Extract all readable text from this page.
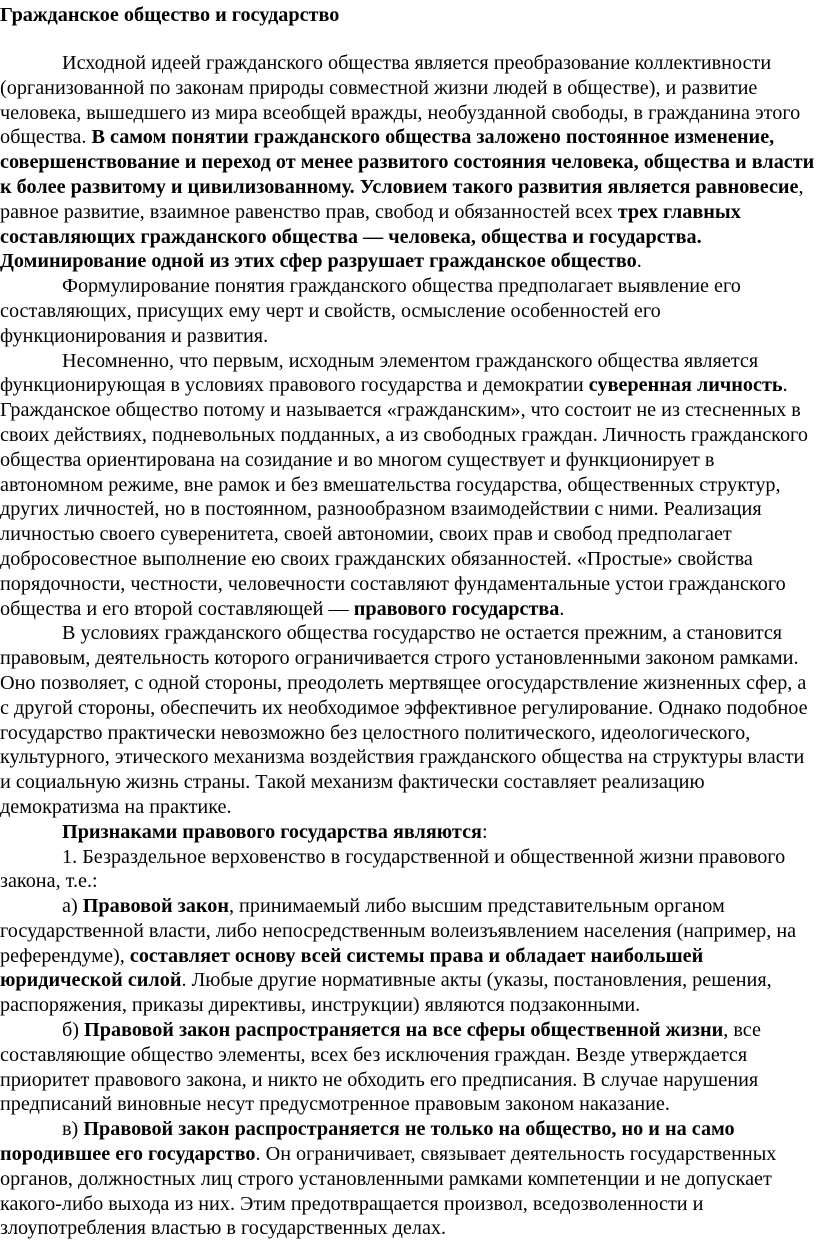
Гражданское общество и государство

Исходной идеей гражданского общества является преобразование коллективности (организованной по законам природы совместной жизни людей в обществе), и развитие человека, вышедшего из мира всеобщей вражды, необузданной свободы, в гражданина этого общества. В самом понятии гражданского общества заложено постоянное изменение, совершенствование и переход от менее развитого состояния человека, общества и власти к более развитому и цивилизованному. Условием такого развития является равновесие, равное развитие, взаимное равенство прав, свобод и обязанностей всех трех главных составляющих гражданского общества — человека, общества и государства. Доминирование одной из этих сфер разрушает гражданское общество.

Формулирование понятия гражданского общества предполагает выявление его составляющих, присущих ему черт и свойств, осмысление особенностей его функционирования и развития.

Несомненно, что первым, исходным элементом гражданского общества является функционирующая в условиях правового государства и демократии суверенная личность. Гражданское общество потому и называется «гражданским», что состоит не из стесненных в своих действиях, подневольных подданных, а из свободных граждан. Личность гражданского общества ориентирована на созидание и во многом существует и функционирует в автономном режиме, вне рамок и без вмешательства государства, общественных структур, других личностей, но в постоянном, разнообразном взаимодействии с ними. Реализация личностью своего суверенитета, своей автономии, своих прав и свобод предполагает добросовестное выполнение ею своих гражданских обязанностей. «Простые» свойства порядочности, честности, человечности составляют фундаментальные устои гражданского общества и его второй составляющей — правового государства.

В условиях гражданского общества государство не остается прежним, а становится правовым, деятельность которого ограничивается строго установленными законом рамками. Оно позволяет, с одной стороны, преодолеть мертвящее огосударствление жизненных сфер, а с другой стороны, обеспечить их необходимое эффективное регулирование. Однако подобное государство практически невозможно без целостного политического, идеологического, культурного, этического механизма воздействия гражданского общества на структуры власти и социальную жизнь страны. Такой механизм фактически составляет реализацию демократизма на практике.

Признаками правового государства являются:

1. Безраздельное верховенство в государственной и общественной жизни правового закона, т.е.:

а) Правовой закон, принимаемый либо высшим представительным органом государственной власти, либо непосредственным волеизъявлением населения (например, на референдуме), составляет основу всей системы права и обладает наибольшей юридической силой. Любые другие нормативные акты (указы, постановления, решения, распоряжения, приказы директивы, инструкции) являются подзаконными.

б) Правовой закон распространяется на все сферы общественной жизни, все составляющие общество элементы, всех без исключения граждан. Везде утверждается приоритет правового закона, и никто не обходить его предписания. В случае нарушения предписаний виновные несут предусмотренное правовым законом наказание.

в) Правовой закон распространяется не только на общество, но и на само породившее его государство. Он ограничивает, связывает деятельность государственных органов, должностных лиц строго установленными рамками компетенции и не допускает какого-либо выхода из них. Этим предотвращается произвол, вседозволенности и злоупотребления властью в государственных делах.
